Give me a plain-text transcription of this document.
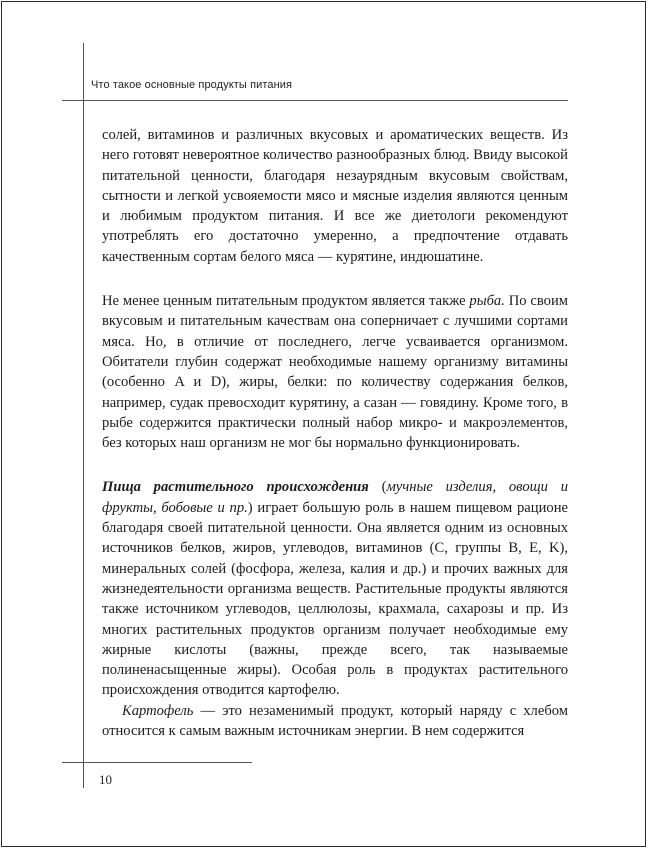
Что такое основные продукты питания

солей, витаминов и различных вкусовых и ароматических веществ. Из него готовят невероятное количество разнообразных блюд. Ввиду высокой питательной ценности, благодаря незаурядным вкусовым свойствам, сытности и легкой усвояемости мясо и мясные изделия являются ценным и любимым продуктом питания. И все же диетологи рекомендуют употреблять его достаточно умеренно, а предпочтение отдавать качественным сортам белого мяса — курятине, индюшатине.

Не менее ценным питательным продуктом является также рыба. По своим вкусовым и питательным качествам она соперничает с лучшими сортами мяса. Но, в отличие от последнего, легче усваивается организмом. Обитатели глубин содержат необходимые нашему организму витамины (особенно A и D), жиры, белки: по количеству содержания белков, например, судак превосходит курятину, а сазан — говядину. Кроме того, в рыбе содержится практически полный набор микро- и макроэлементов, без которых наш организм не мог бы нормально функционировать.

Пища растительного происхождения (мучные изделия, овощи и фрукты, бобовые и пр.) играет большую роль в нашем пищевом рационе благодаря своей питательной ценности. Она является одним из основных источников белков, жиров, углеводов, витаминов (С, группы B, E, K), минеральных солей (фосфора, железа, калия и др.) и прочих важных для жизнедеятельности организма веществ. Растительные продукты являются также источником углеводов, целлюлозы, крахмала, сахарозы и пр. Из многих растительных продуктов организм получает необходимые ему жирные кислоты (важны, прежде всего, так называемые полиненасыщенные жиры). Особая роль в продуктах растительного происхождения отводится картофелю.

Картофель — это незаменимый продукт, который наряду с хлебом относится к самым важным источникам энергии. В нем содержится

10
